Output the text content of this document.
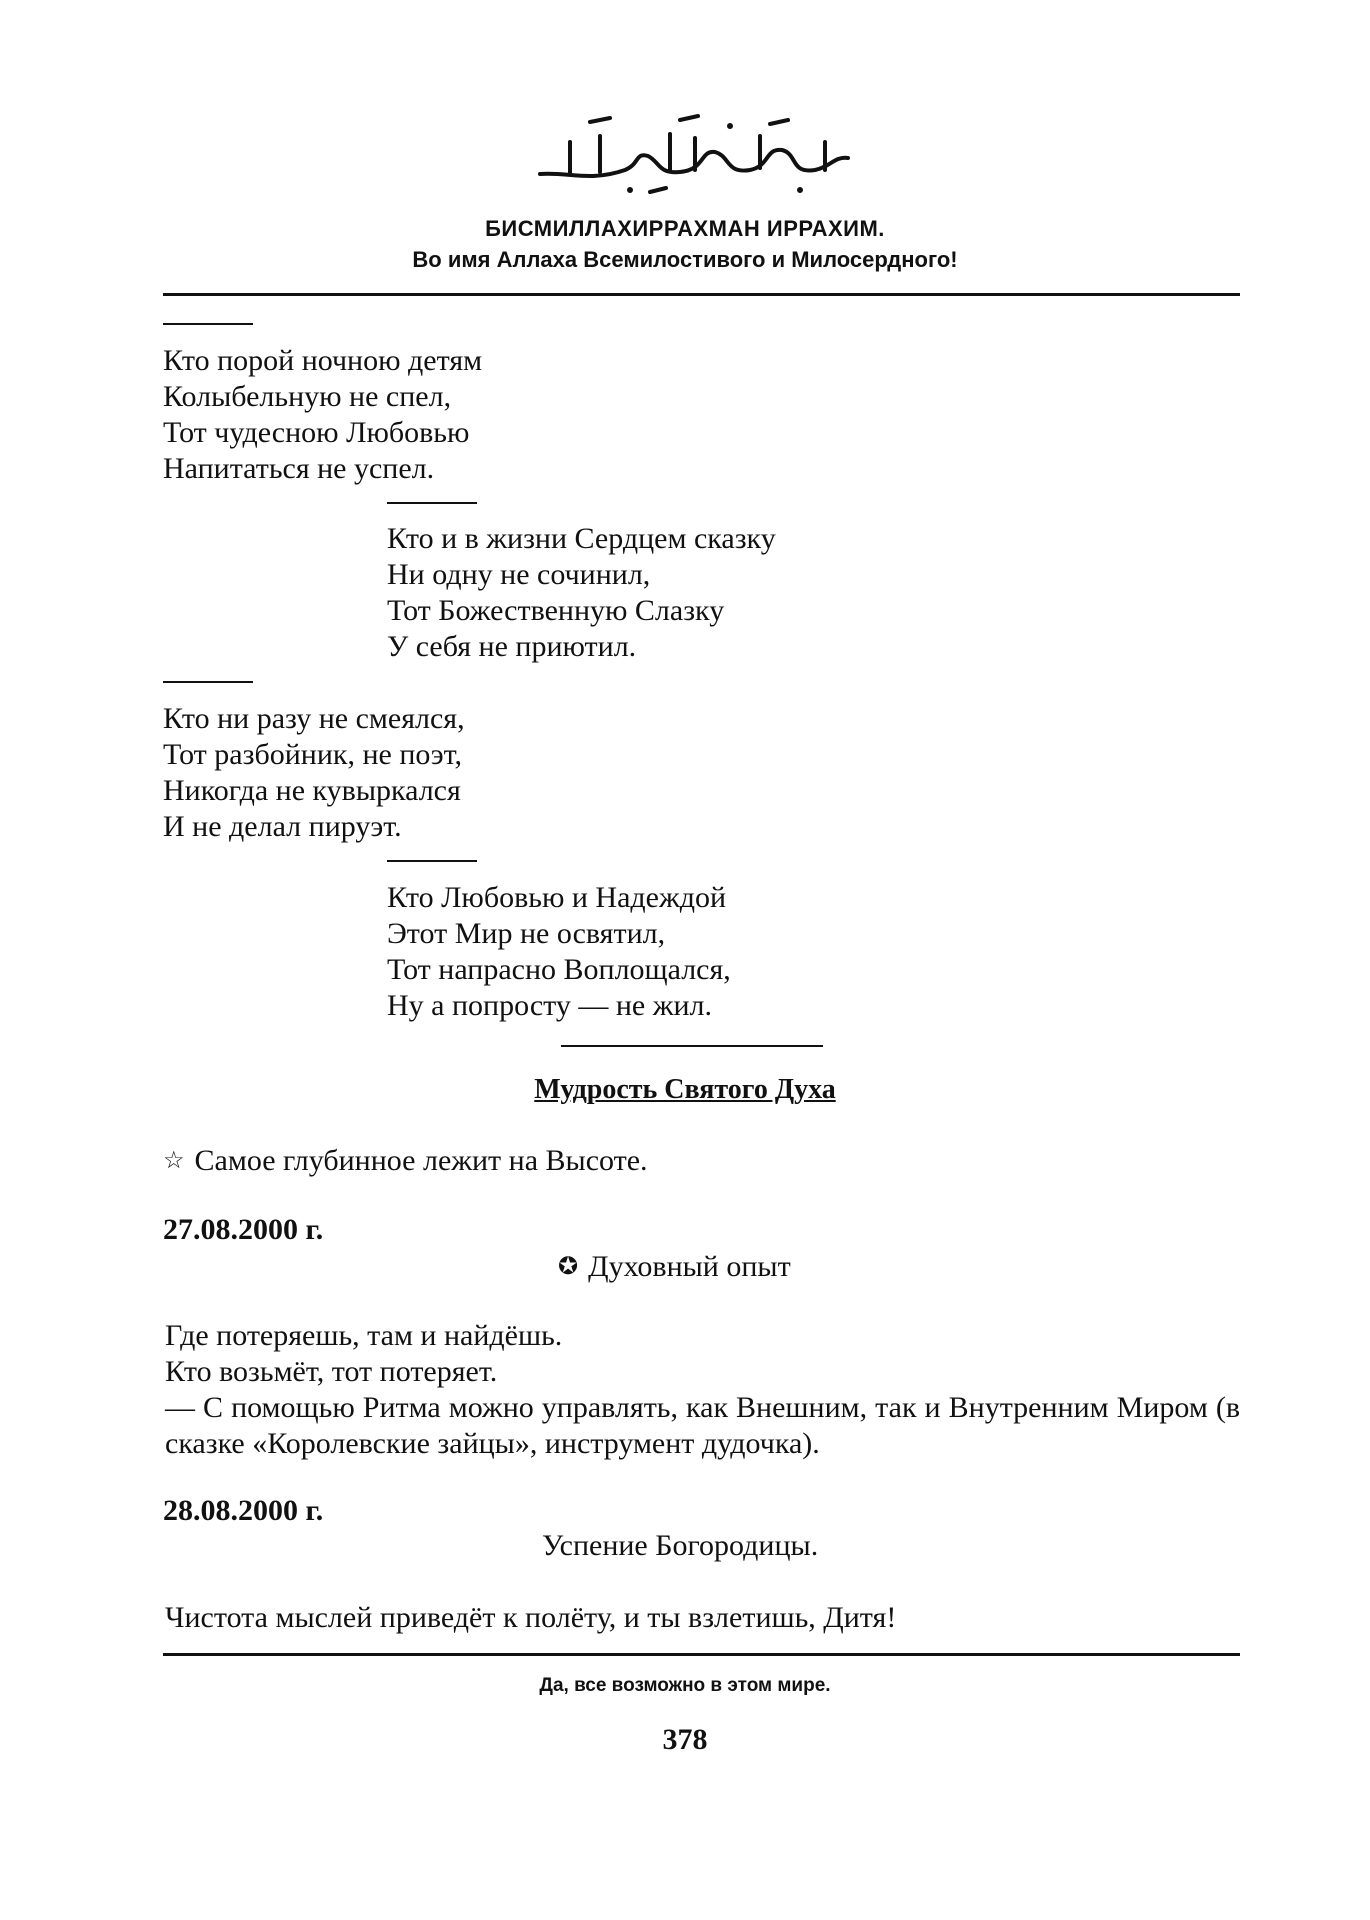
БИСМИЛЛАХИРРАХМАН ИРРАХИМ.
Во имя Аллаха Всемилостивого и Милосердного!
Кто порой ночною детям
Колыбельную не спел,
Тот чудесною Любовью
Напитаться не успел.
Кто и в жизни Сердцем сказку
Ни одну не сочинил,
Тот Божественную Слазку
У себя не приютил.
Кто ни разу не смеялся,
Тот разбойник, не поэт,
Никогда не кувыркался
И не делал пируэт.
Кто Любовью и Надеждой
Этот Мир не освятил,
Тот напрасно Воплощался,
Ну а попросту — не жил.
Мудрость Святого Духа
☆ Самое глубинное лежит на Высоте.
27.08.2000 г.
✪ Духовный опыт
Где потеряешь, там и найдёшь.
Кто возьмёт, тот потеряет.
— С помощью Ритма можно управлять, как Внешним, так и Внутренним Миром (в сказке «Королевские зайцы», инструмент дудочка).
28.08.2000 г.
Успение Богородицы.
Чистота мыслей приведёт к полёту, и ты взлетишь, Дитя!
Да, все возможно в этом мире.
378
